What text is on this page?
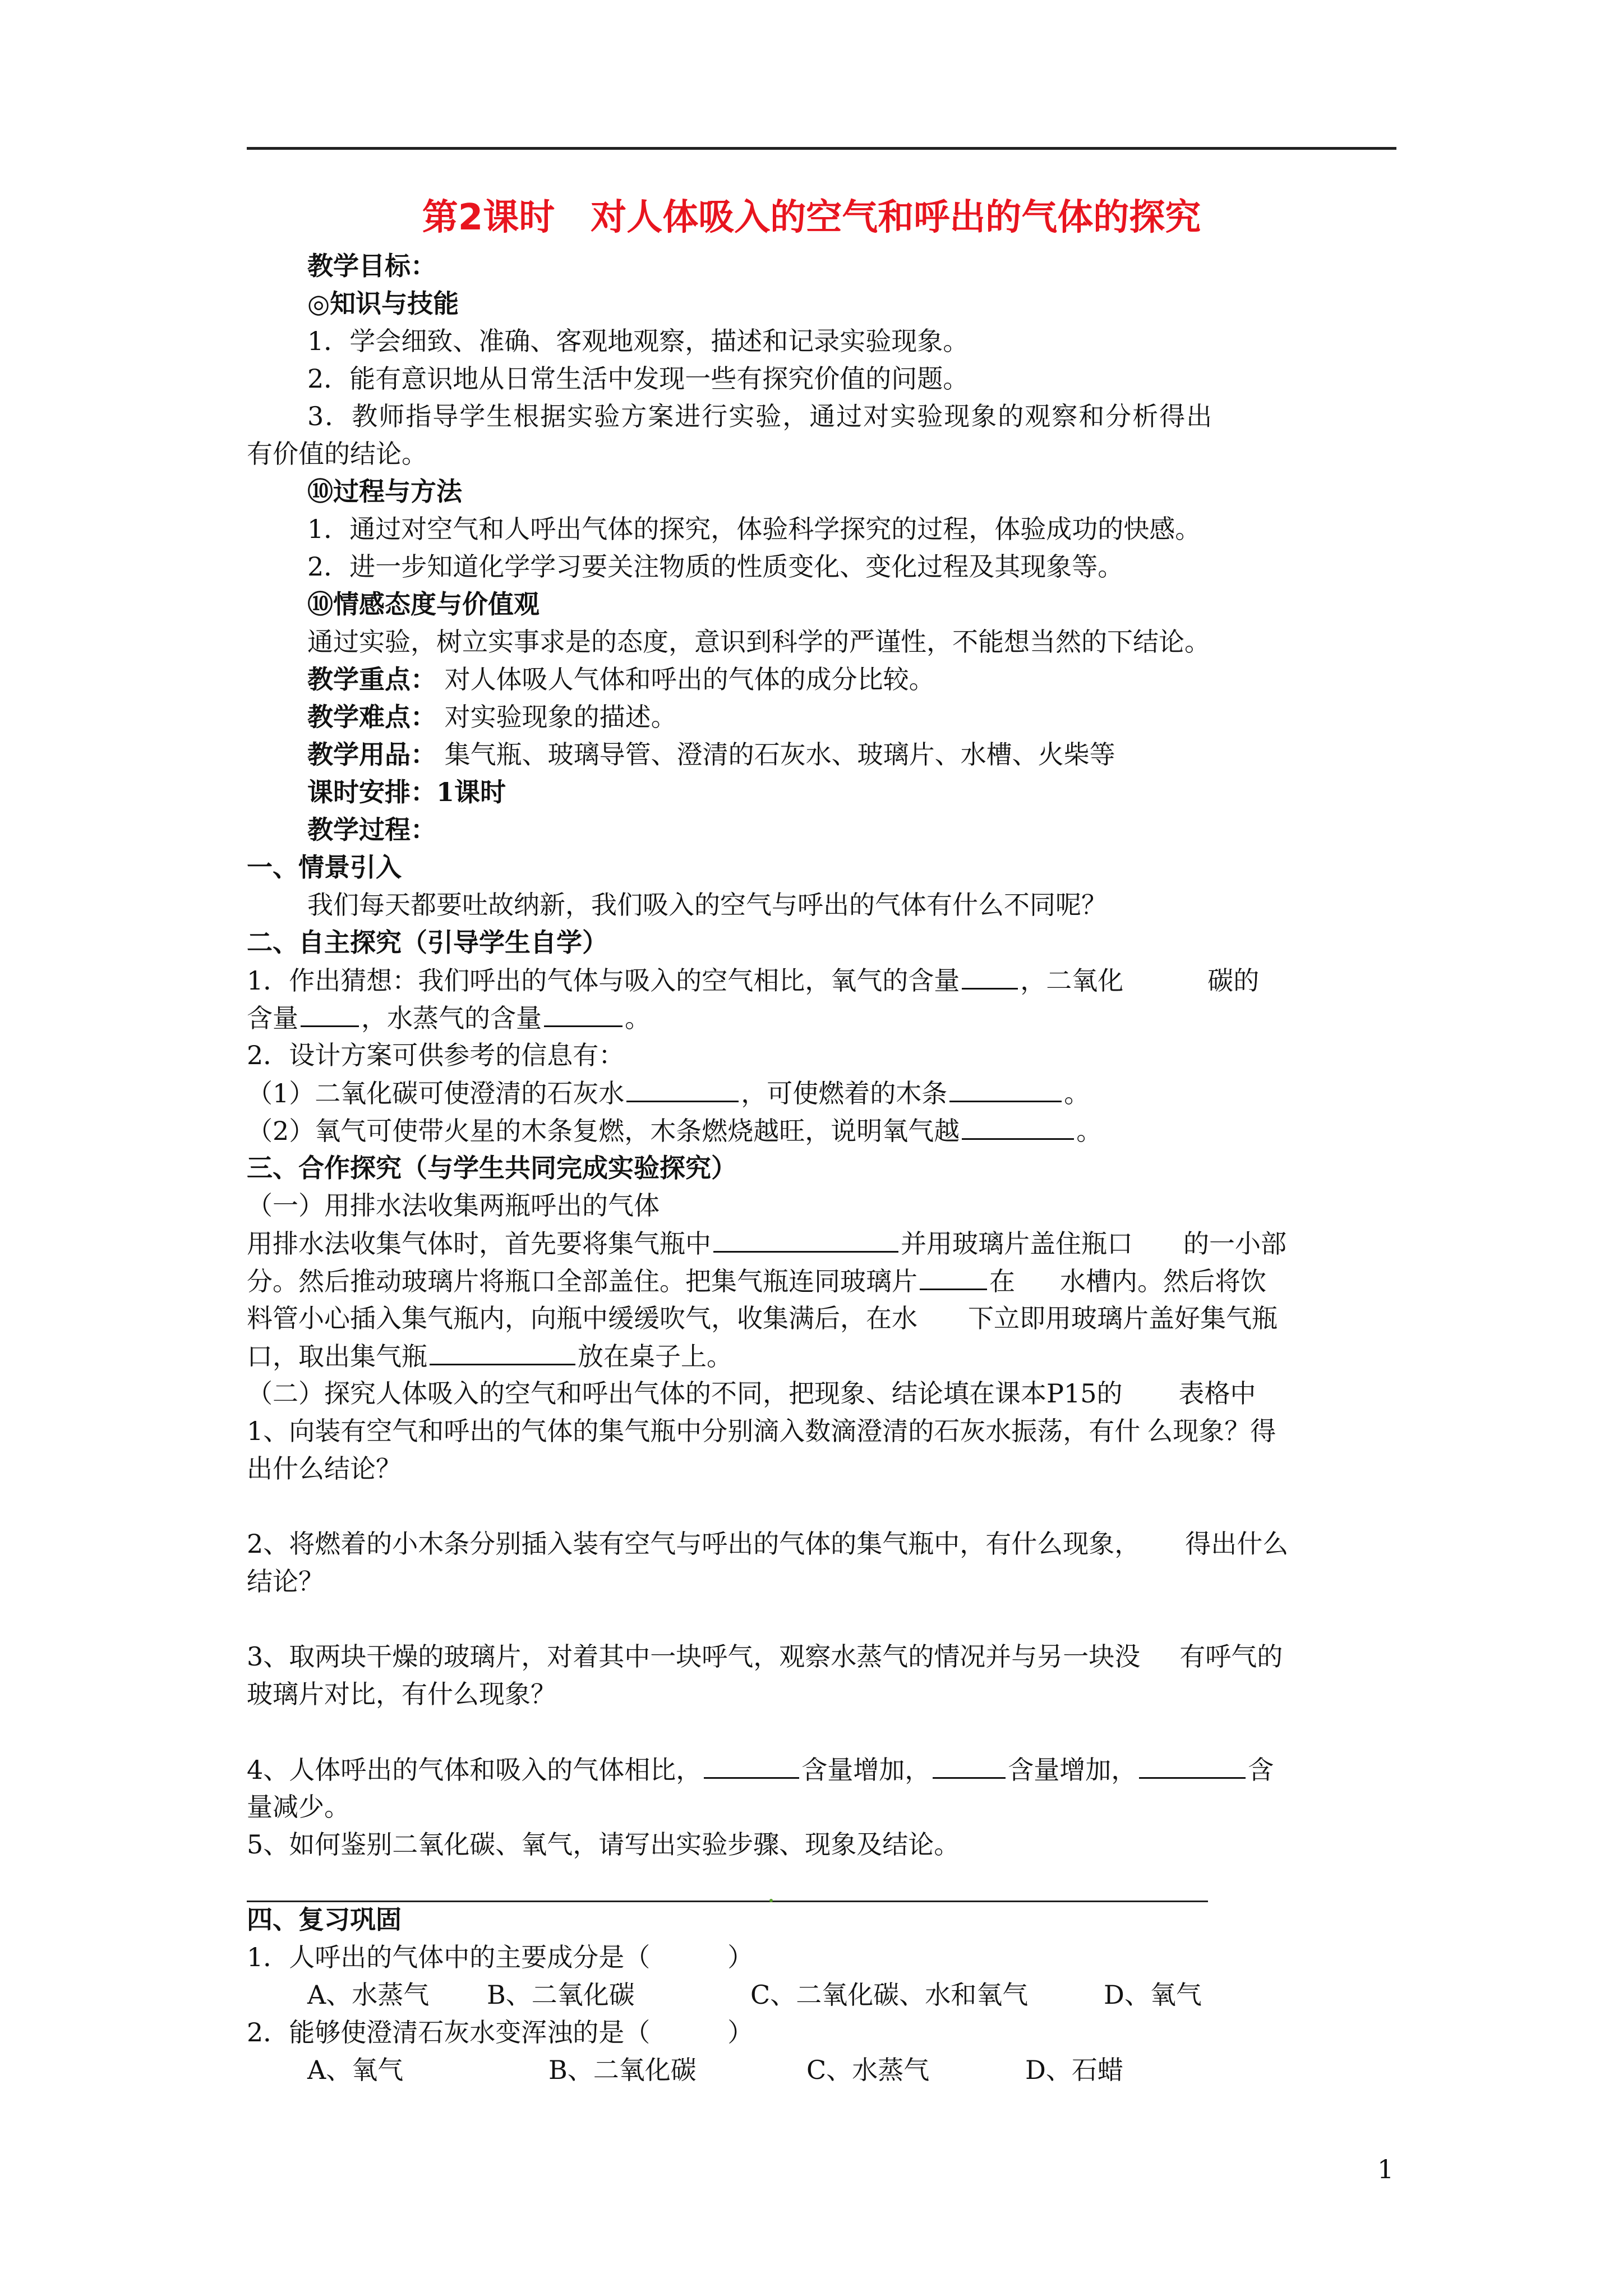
第2课时　对人体吸入的空气和呼出的气体的探究
教学目标：
◎知识与技能
1．学会细致、准确、客观地观察，描述和记录实验现象。
2．能有意识地从日常生活中发现一些有探究价值的问题。
3．教师指导学生根据实验方案进行实验，通过对实验现象的观察和分析得出
有价值的结论。
⑩过程与方法
1．通过对空气和人呼出气体的探究，体验科学探究的过程，体验成功的快感。
2．进一步知道化学学习要关注物质的性质变化、变化过程及其现象等。
⑩情感态度与价值观
通过实验，树立实事求是的态度，意识到科学的严谨性，不能想当然的下结论。
教学重点： 对人体吸人气体和呼出的气体的成分比较。
教学难点： 对实验现象的描述。
教学用品： 集气瓶、玻璃导管、澄清的石灰水、玻璃片、水槽、火柴等
课时安排：1课时
教学过程：
一、情景引入
我们每天都要吐故纳新，我们吸入的空气与呼出的气体有什么不同呢？
二、自主探究（引导学生自学）
1．作出猜想：我们呼出的气体与吸入的空气相比，氧气的含量 ，二氧化	碳的
含量 ，水蒸气的含量	。
2．设计方案可供参考的信息有：
（1）二氧化碳可使澄清的石灰水	，可使燃着的木条	。
（2）氧气可使带火星的木条复燃，木条燃烧越旺，说明氧气越	。
三、合作探究（与学生共同完成实验探究）
（一）用排水法收集两瓶呼出的气体
用排水法收集气体时，首先要将集气瓶中	并用玻璃片盖住瓶口 的一小部
分。然后推动玻璃片将瓶口全部盖住。把集气瓶连同玻璃片	在 水槽内。然后将饮
料管小心插入集气瓶内，向瓶中缓缓吹气，收集满后，在水 下立即用玻璃片盖好集气瓶
口，取出集气瓶	放在桌子上。
（二）探究人体吸入的空气和呼出气体的不同，把现象、结论填在课本P15的 表格中
1、向装有空气和呼出的气体的集气瓶中分别滴入数滴澄清的石灰水振荡，有什 么现象？得
出什么结论？
2、将燃着的小木条分别插入装有空气与呼出的气体的集气瓶中，有什么现象， 得出什么
结论？
3、取两块干燥的玻璃片，对着其中一块呼气，观察水蒸气的情况并与另一块没 有呼气的
玻璃片对比，有什么现象？
4、人体呼出的气体和吸入的气体相比，	含量增加，	含量增加，	含
量减少。
5、如何鉴别二氧化碳、氧气，请写出实验步骤、现象及结论。
四、复习巩固
1．人呼出的气体中的主要成分是（　　　）
A、水蒸气 B、二氧化碳	C、二氧化碳、水和氧气	D、氧气
2．能够使澄清石灰水变浑浊的是（　　　）
A、氧气	B、二氧化碳	C、水蒸气	D、石蜡
1
